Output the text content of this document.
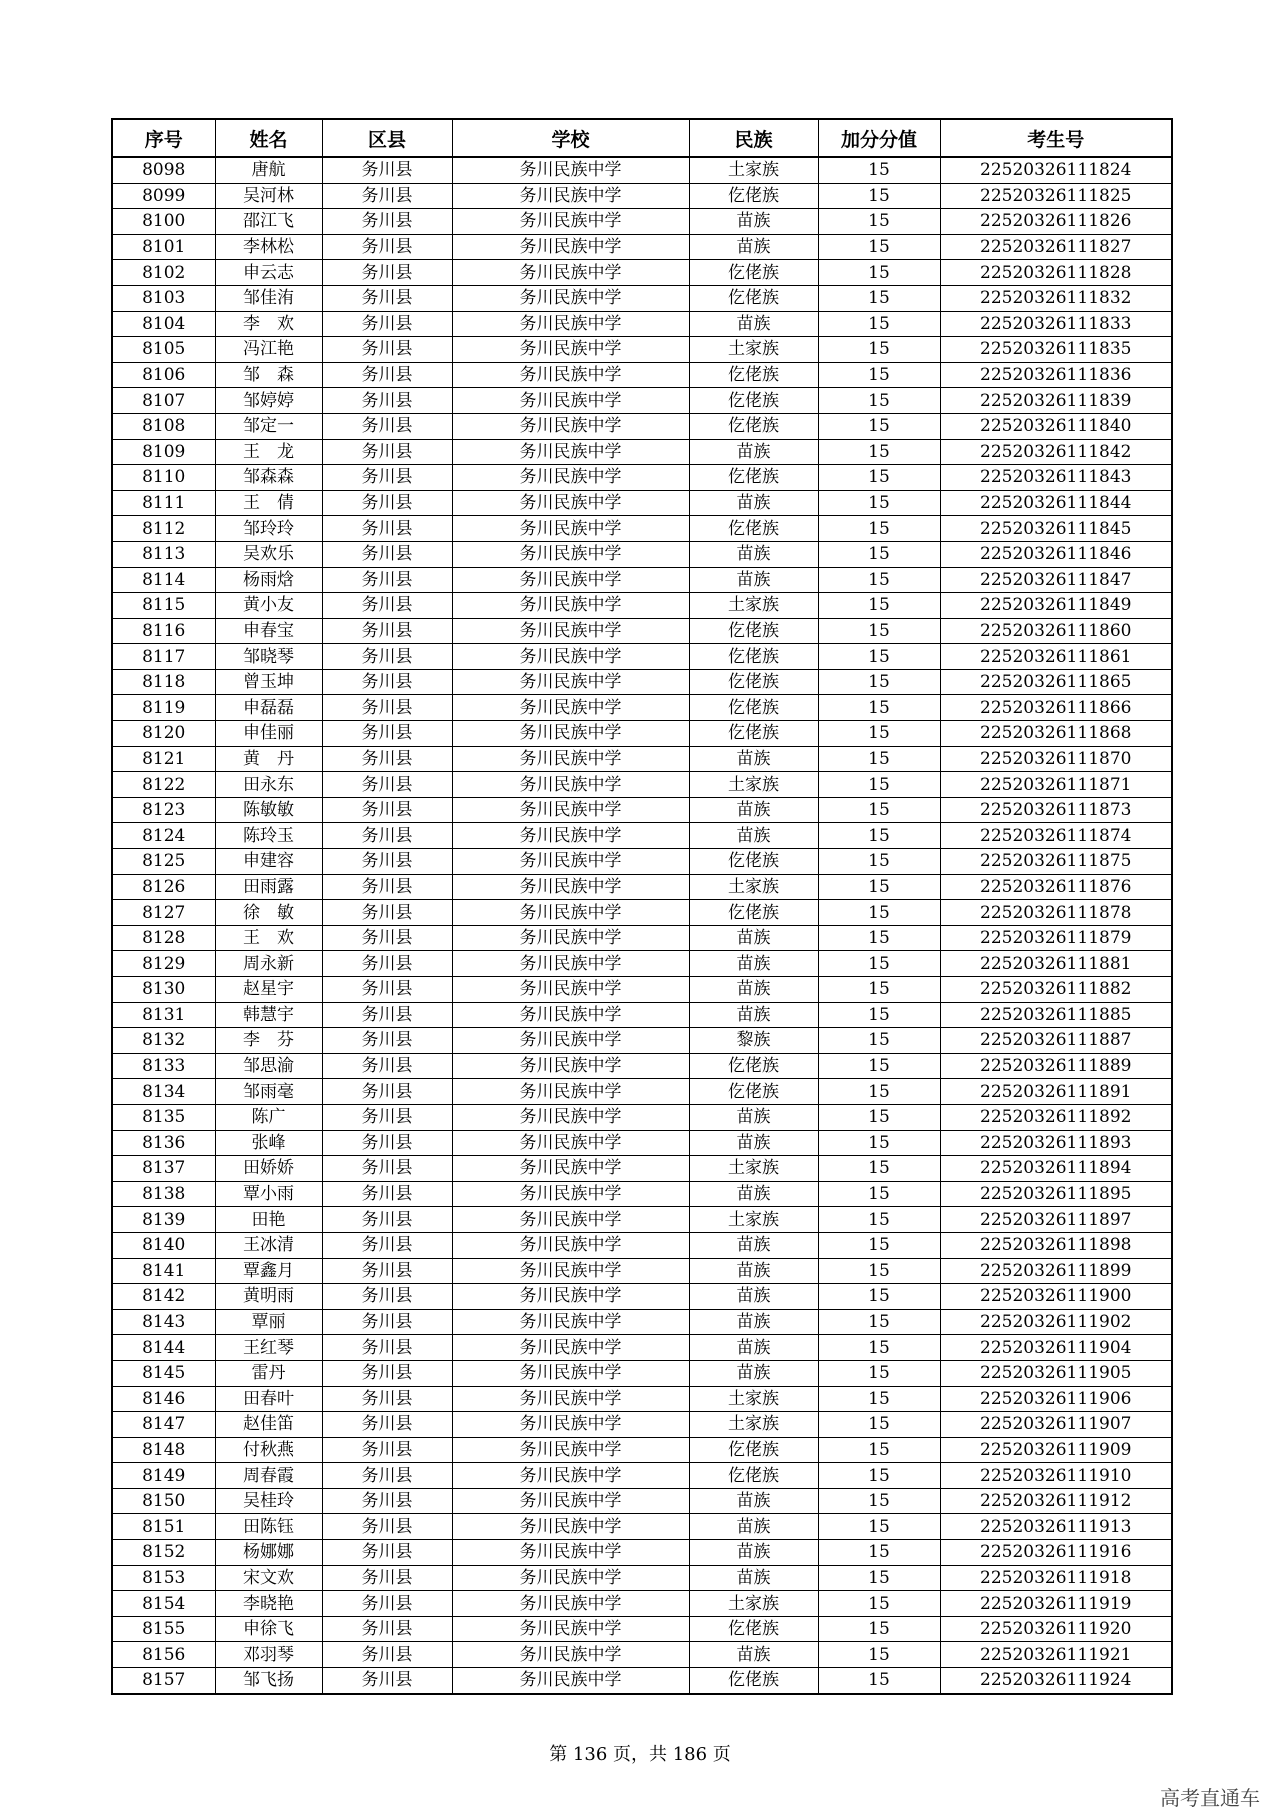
序号	姓名	区县	学校	民族	加分分值	考生号
8098	唐航	务川县	务川民族中学	土家族	15	22520326111824
8099	吴河林	务川县	务川民族中学	仡佬族	15	22520326111825
8100	邵江飞	务川县	务川民族中学	苗族	15	22520326111826
8101	李林松	务川县	务川民族中学	苗族	15	22520326111827
8102	申云志	务川县	务川民族中学	仡佬族	15	22520326111828
8103	邹佳洧	务川县	务川民族中学	仡佬族	15	22520326111832
8104	李　欢	务川县	务川民族中学	苗族	15	22520326111833
8105	冯江艳	务川县	务川民族中学	土家族	15	22520326111835
8106	邹　森	务川县	务川民族中学	仡佬族	15	22520326111836
8107	邹婷婷	务川县	务川民族中学	仡佬族	15	22520326111839
8108	邹定一	务川县	务川民族中学	仡佬族	15	22520326111840
8109	王　龙	务川县	务川民族中学	苗族	15	22520326111842
8110	邹森森	务川县	务川民族中学	仡佬族	15	22520326111843
8111	王　倩	务川县	务川民族中学	苗族	15	22520326111844
8112	邹玲玲	务川县	务川民族中学	仡佬族	15	22520326111845
8113	吴欢乐	务川县	务川民族中学	苗族	15	22520326111846
8114	杨雨焓	务川县	务川民族中学	苗族	15	22520326111847
8115	黄小友	务川县	务川民族中学	土家族	15	22520326111849
8116	申春宝	务川县	务川民族中学	仡佬族	15	22520326111860
8117	邹晓琴	务川县	务川民族中学	仡佬族	15	22520326111861
8118	曾玉坤	务川县	务川民族中学	仡佬族	15	22520326111865
8119	申磊磊	务川县	务川民族中学	仡佬族	15	22520326111866
8120	申佳丽	务川县	务川民族中学	仡佬族	15	22520326111868
8121	黄　丹	务川县	务川民族中学	苗族	15	22520326111870
8122	田永东	务川县	务川民族中学	土家族	15	22520326111871
8123	陈敏敏	务川县	务川民族中学	苗族	15	22520326111873
8124	陈玲玉	务川县	务川民族中学	苗族	15	22520326111874
8125	申建容	务川县	务川民族中学	仡佬族	15	22520326111875
8126	田雨露	务川县	务川民族中学	土家族	15	22520326111876
8127	徐　敏	务川县	务川民族中学	仡佬族	15	22520326111878
8128	王　欢	务川县	务川民族中学	苗族	15	22520326111879
8129	周永新	务川县	务川民族中学	苗族	15	22520326111881
8130	赵星宇	务川县	务川民族中学	苗族	15	22520326111882
8131	韩慧宇	务川县	务川民族中学	苗族	15	22520326111885
8132	李　芬	务川县	务川民族中学	黎族	15	22520326111887
8133	邹思渝	务川县	务川民族中学	仡佬族	15	22520326111889
8134	邹雨毫	务川县	务川民族中学	仡佬族	15	22520326111891
8135	陈广	务川县	务川民族中学	苗族	15	22520326111892
8136	张峰	务川县	务川民族中学	苗族	15	22520326111893
8137	田娇娇	务川县	务川民族中学	土家族	15	22520326111894
8138	覃小雨	务川县	务川民族中学	苗族	15	22520326111895
8139	田艳	务川县	务川民族中学	土家族	15	22520326111897
8140	王冰清	务川县	务川民族中学	苗族	15	22520326111898
8141	覃鑫月	务川县	务川民族中学	苗族	15	22520326111899
8142	黄明雨	务川县	务川民族中学	苗族	15	22520326111900
8143	覃丽	务川县	务川民族中学	苗族	15	22520326111902
8144	王红琴	务川县	务川民族中学	苗族	15	22520326111904
8145	雷丹	务川县	务川民族中学	苗族	15	22520326111905
8146	田春叶	务川县	务川民族中学	土家族	15	22520326111906
8147	赵佳笛	务川县	务川民族中学	土家族	15	22520326111907
8148	付秋燕	务川县	务川民族中学	仡佬族	15	22520326111909
8149	周春霞	务川县	务川民族中学	仡佬族	15	22520326111910
8150	吴桂玲	务川县	务川民族中学	苗族	15	22520326111912
8151	田陈钰	务川县	务川民族中学	苗族	15	22520326111913
8152	杨娜娜	务川县	务川民族中学	苗族	15	22520326111916
8153	宋文欢	务川县	务川民族中学	苗族	15	22520326111918
8154	李晓艳	务川县	务川民族中学	土家族	15	22520326111919
8155	申徐飞	务川县	务川民族中学	仡佬族	15	22520326111920
8156	邓羽琴	务川县	务川民族中学	苗族	15	22520326111921
8157	邹飞扬	务川县	务川民族中学	仡佬族	15	22520326111924
第 136 页，共 186 页
高考直通车
